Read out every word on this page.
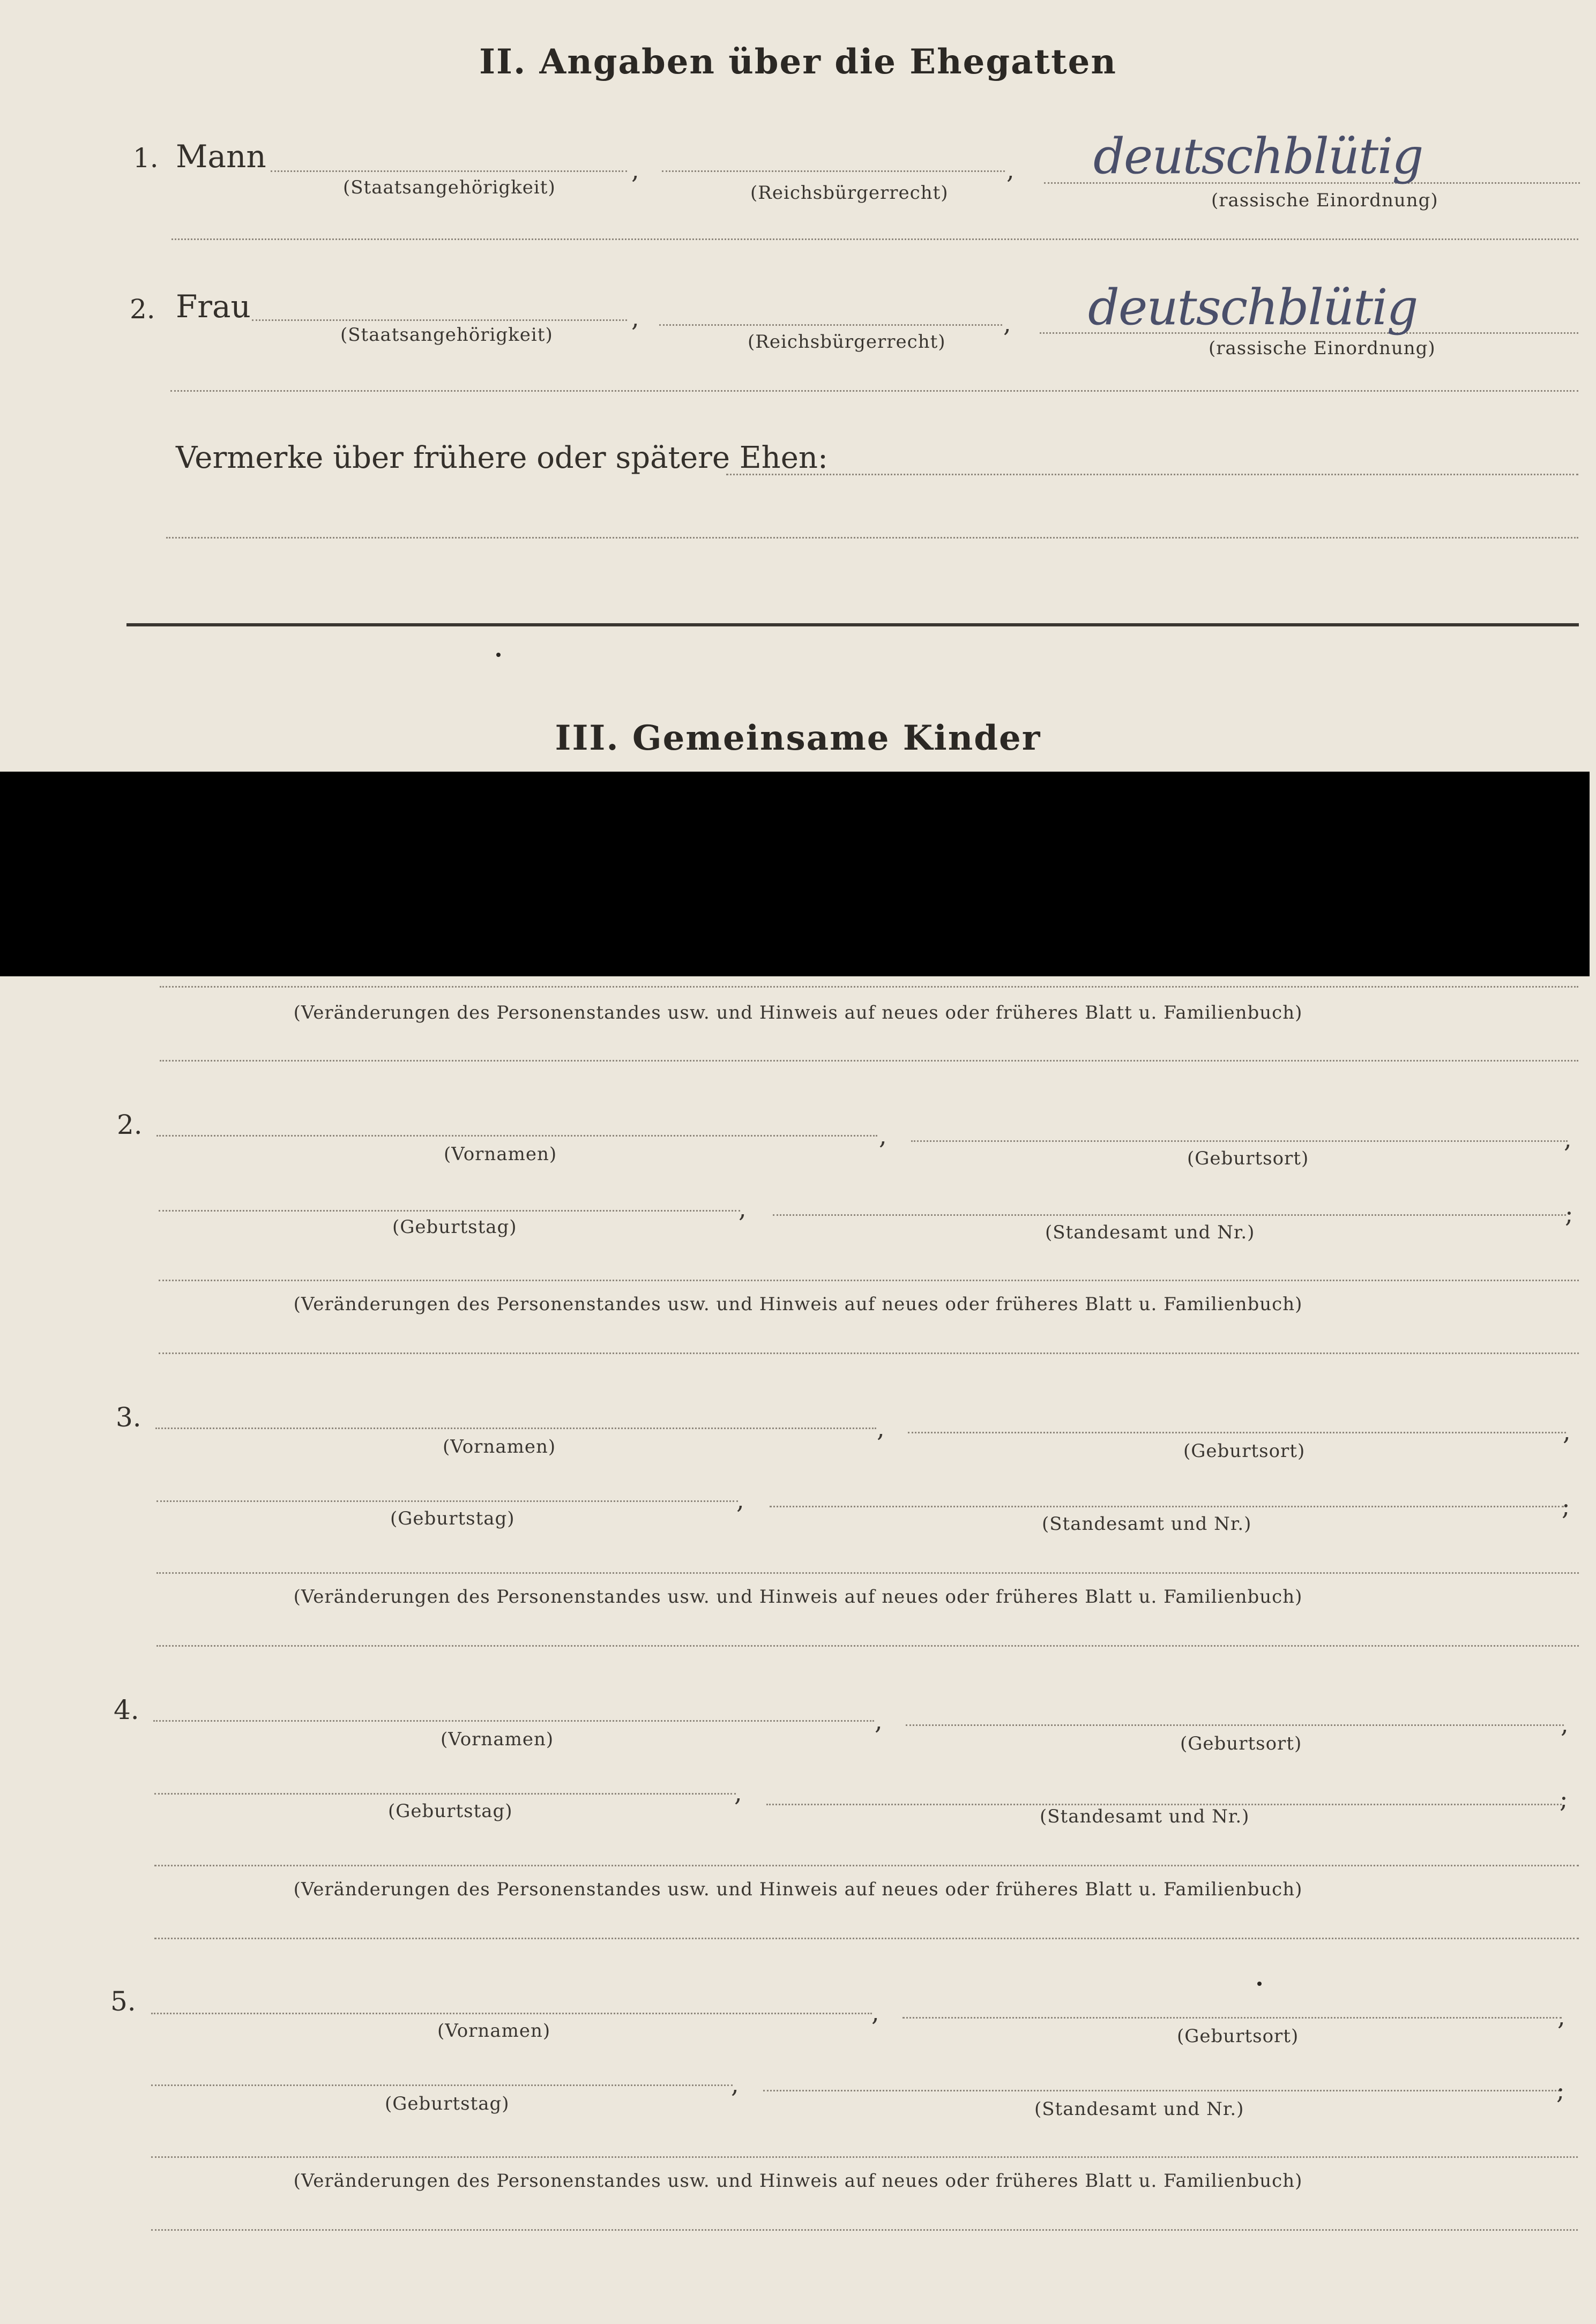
II. Angaben über die Ehegatten
1. Mann	,	, deutschblütig
(Staatsangehörigkeit)	(Reichsbürgerrecht)	(rassische Einordnung)
2. Frau	,	, deutschblütig
(Staatsangehörigkeit)	(Reichsbürgerrecht)	(rassische Einordnung)
Vermerke über frühere oder spätere Ehen:
III. Gemeinsame Kinder
(Veränderungen des Personenstandes usw. und Hinweis auf neues oder früheres Blatt u. Familienbuch)
2.	,	,
(Vornamen)	(Geburtsort)
,	;
(Geburtstag)	(Standesamt und Nr.)
(Veränderungen des Personenstandes usw. und Hinweis auf neues oder früheres Blatt u. Familienbuch)
3.	,	,
(Vornamen)	(Geburtsort)
,	;
(Geburtstag)	(Standesamt und Nr.)
(Veränderungen des Personenstandes usw. und Hinweis auf neues oder früheres Blatt u. Familienbuch)
4.	,	,
(Vornamen)	(Geburtsort)
,	;
(Geburtstag)	(Standesamt und Nr.)
(Veränderungen des Personenstandes usw. und Hinweis auf neues oder früheres Blatt u. Familienbuch)
5.	,	,
(Vornamen)	(Geburtsort)
,	;
(Geburtstag)	(Standesamt und Nr.)
(Veränderungen des Personenstandes usw. und Hinweis auf neues oder früheres Blatt u. Familienbuch)
